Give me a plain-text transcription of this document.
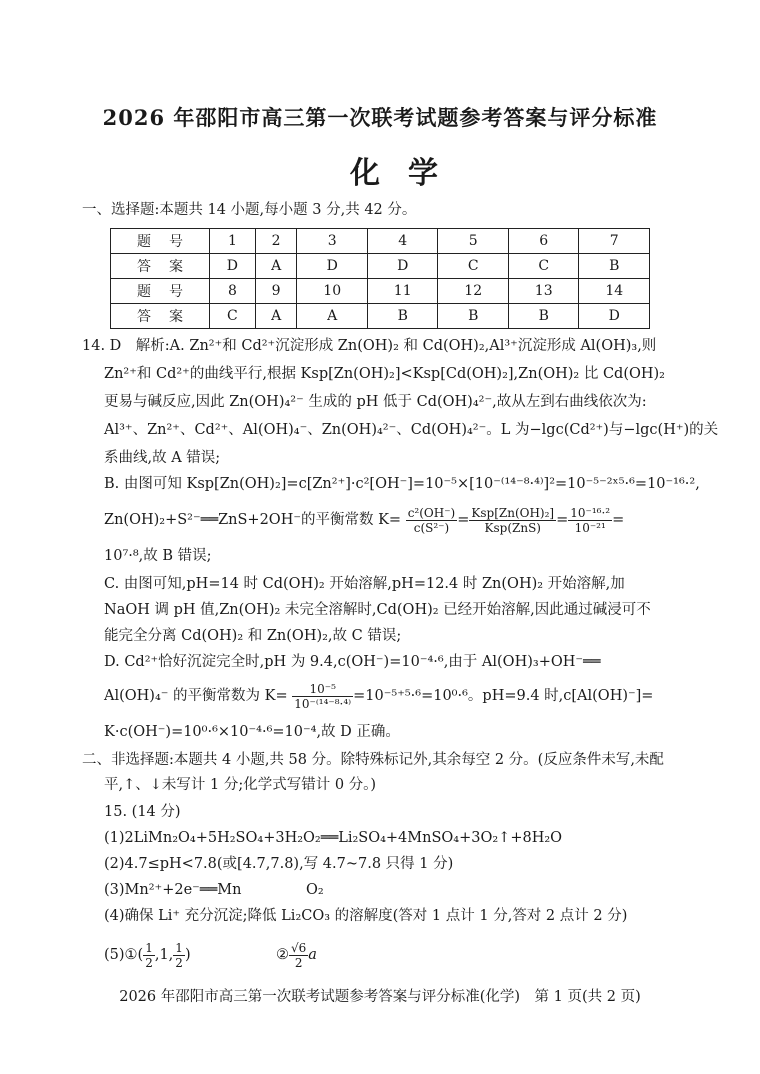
2026 年邵阳市高三第一次联考试题参考答案与评分标准
化学
一、选择题:本题共 14 小题,每小题 3 分,共 42 分。
题号	1	2	3	4	5	6	7
答案	D	A	D	D	C	C	B
题号	8	9	10	11	12	13	14
答案	C	A	A	B	B	B	D
14. D　解析:A. Zn²⁺和 Cd²⁺沉淀形成 Zn(OH)₂ 和 Cd(OH)₂,Al³⁺沉淀形成 Al(OH)₃,则
Zn²⁺和 Cd²⁺的曲线平行,根据 Ksp[Zn(OH)₂]<Ksp[Cd(OH)₂],Zn(OH)₂ 比 Cd(OH)₂
更易与碱反应,因此 Zn(OH)₄²⁻ 生成的 pH 低于 Cd(OH)₄²⁻,故从左到右曲线依次为:
Al³⁺、Zn²⁺、Cd²⁺、Al(OH)₄⁻、Zn(OH)₄²⁻、Cd(OH)₄²⁻。L 为−lgc(Cd²⁺)与−lgc(H⁺)的关
系曲线,故 A 错误;
B. 由图可知 Ksp[Zn(OH)₂]=c[Zn²⁺]·c²[OH⁻]=10⁻⁵×[10⁻⁽¹⁴⁻⁸·⁴⁾]²=10⁻⁵⁻²ˣ⁵·⁶=10⁻¹⁶·²,
Zn(OH)₂+S²⁻══ZnS+2OH⁻的平衡常数 $K= \frac{\text{c²(OH⁻)}}{\text{c(S²⁻)}} = \frac{\text{Ksp[Zn(OH)₂]}}{\text{Ksp(ZnS)}} = \frac{\text{10⁻¹⁶·²}}{\text{10⁻²¹}}$ =
10⁷·⁸,故 B 错误;
C. 由图可知,pH=14 时 Cd(OH)₂ 开始溶解,pH=12.4 时 Zn(OH)₂ 开始溶解,加
NaOH 调 pH 值,Zn(OH)₂ 未完全溶解时,Cd(OH)₂ 已经开始溶解,因此通过碱浸可不
能完全分离 Cd(OH)₂ 和 Zn(OH)₂,故 C 错误;
D. Cd²⁺恰好沉淀完全时,pH 为 9.4,c(OH⁻)=10⁻⁴·⁶,由于 Al(OH)₃+OH⁻══
Al(OH)₄⁻ 的平衡常数为 $K= \frac{\text{10⁻⁵}}{\text{10⁻⁽¹⁴⁻⁸·⁴⁾}} =10^{-5+5}\cdot^6=10^0\cdot^6$。pH=9.4 时,c[Al(OH)⁻]=
K·c(OH⁻)=10⁰·⁶×10⁻⁴·⁶=10⁻⁴,故 D 正确。
二、非选择题:本题共 4 小题,共 58 分。除特殊标记外,其余每空 2 分。(反应条件未写,未配
平,↑、↓未写计 1 分;化学式写错计 0 分。)
15. (14 分)
(1)2LiMn₂O₄+5H₂SO₄+3H₂O₂══Li₂SO₄+4MnSO₄+3O₂↑+8H₂O
(2)4.7≤pH<7.8(或[4.7,7.8),写 4.7~7.8 只得 1 分)
(3)Mn²⁺+2e⁻══Mn	O₂
(4)确保 Li⁺ 充分沉淀;降低 Li₂CO₃ 的溶解度(答对 1 点计 1 分,答对 2 点计 2 分)
(5)①( $\frac{1}{2} ,1$, $\frac{1}{2}$ )	② $\frac{√6}{2}$ a
2026 年邵阳市高三第一次联考试题参考答案与评分标准(化学)　第 1 页(共 2 页)
